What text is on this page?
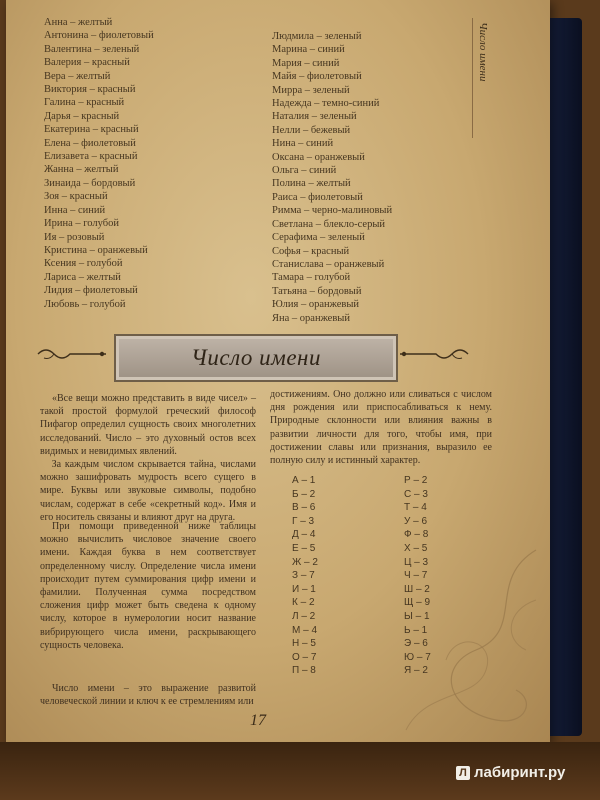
Анна – желтый
Антонина – фиолетовый
Валентина – зеленый
Валерия – красный
Вера – желтый
Виктория – красный
Галина – красный
Дарья – красный
Екатерина – красный
Елена – фиолетовый
Елизавета – красный
Жанна – желтый
Зинаида – бордовый
Зоя – красный
Инна – синий
Ирина – голубой
Ия – розовый
Кристина – оранжевый
Ксения – голубой
Лариса – желтый
Лидия – фиолетовый
Любовь – голубой
Людмила – зеленый
Марина – синий
Мария – синий
Майя – фиолетовый
Мирра – зеленый
Надежда – темно-синий
Наталия – зеленый
Нелли – бежевый
Нина – синий
Оксана – оранжевый
Ольга – синий
Полина – желтый
Раиса – фиолетовый
Римма – черно-малиновый
Светлана – блекло-серый
Серафима – зеленый
Софья – красный
Станислава – оранжевый
Тамара – голубой
Татьяна – бордовый
Юлия – оранжевый
Яна – оранжевый
Число имени
Число имени

«Все вещи можно представить в виде чисел» – такой простой формулой греческий философ Пифагор определил сущность своих многолетних исследований. Число – это духовный остов всех видимых и невидимых явлений.
За каждым числом скрывается тайна, числами можно зашифровать мудрость всего сущего в мире. Буквы или звуковые символы, подобно числам, содержат в себе «секретный код». Имя и его носитель связаны и влияют друг на друга.

При помощи приведенной ниже таблицы можно вычислить числовое значение своего имени. Каждая буква в нем соответствует определенному числу. Определение числа имени происходит путем суммирования цифр имени и фамилии. Полученная сумма посредством сложения цифр может быть сведена к одному числу, которое в нумерологии носит название вибрирующего числа имени, раскрывающего сущность человека.

Число имени – это выражение развитой человеческой линии и ключ к ее стремлениям или

достижениям. Оно должно или сливаться с числом дня рождения или приспосабливаться к нему. Природные склонности или влияния важны в развитии личности для того, чтобы имя, при достижении славы или признания, выразило ее полную силу и истинный характер.

А – 1
Б – 2
В – 6
Г – 3
Д – 4
Е – 5
Ж – 2
З – 7
И – 1
К – 2
Л – 2
М – 4
Н – 5
О – 7
П – 8
Р – 2
С – 3
Т – 4
У – 6
Ф – 8
Х – 5
Ц – 3
Ч – 7
Ш – 2
Щ – 9
Ы – 1
Ь – 1
Э – 6
Ю – 7
Я – 2
17
Л лабиринт.ру
